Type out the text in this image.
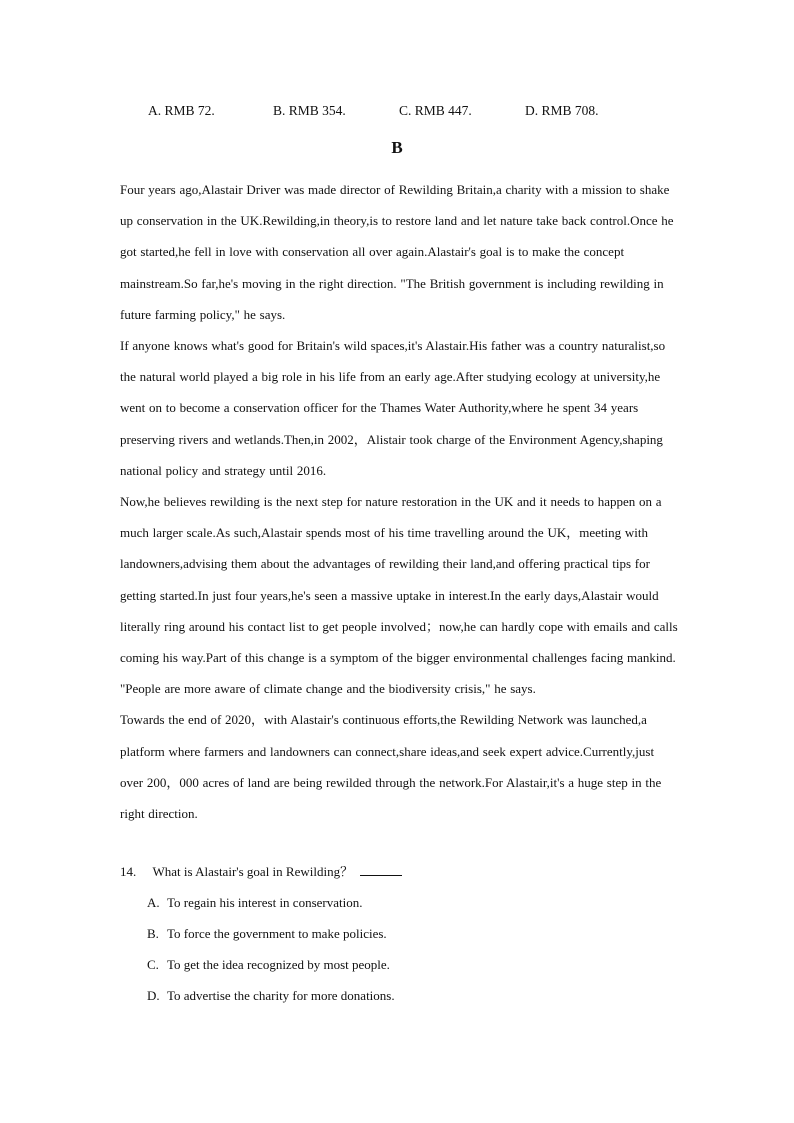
A. RMB 72.	B. RMB 354.	C. RMB 447.	D. RMB 708.
B

Four years ago,Alastair Driver was made director of Rewilding Britain,a charity with a mission to shake up conservation in the UK.Rewilding,in theory,is to restore land and let nature take back control.Once he got started,he fell in love with conservation all over again.Alastair's goal is to make the concept mainstream.So far,he's moving in the right direction. "The British government is including rewilding in future farming policy," he says.

If anyone knows what's good for Britain's wild spaces,it's Alastair.His father was a country naturalist,so the natural world played a big role in his life from an early age.After studying ecology at university,he went on to become a conservation officer for the Thames Water Authority,where he spent 34 years preserving rivers and wetlands.Then,in 2002，Alistair took charge of the Environment Agency,shaping national policy and strategy until 2016.

Now,he believes rewilding is the next step for nature restoration in the UK and it needs to happen on a much larger scale.As such,Alastair spends most of his time travelling around the UK，meeting with landowners,advising them about the advantages of rewilding their land,and offering practical tips for getting started.In just four years,he's seen a massive uptake in interest.In the early days,Alastair would literally ring around his contact list to get people involved；now,he can hardly cope with emails and calls coming his way.Part of this change is a symptom of the bigger environmental challenges facing mankind. "People are more aware of climate change and the biodiversity crisis," he says.

Towards the end of 2020，with Alastair's continuous efforts,the Rewilding Network was launched,a platform where farmers and landowners can connect,share ideas,and seek expert advice.Currently,just over 200，000 acres of land are being rewilded through the network.For Alastair,it's a huge step in the right direction.

14. What is Alastair's goal in Rewilding？
A. To regain his interest in conservation.
B. To force the government to make policies.
C. To get the idea recognized by most people.
D. To advertise the charity for more donations.
